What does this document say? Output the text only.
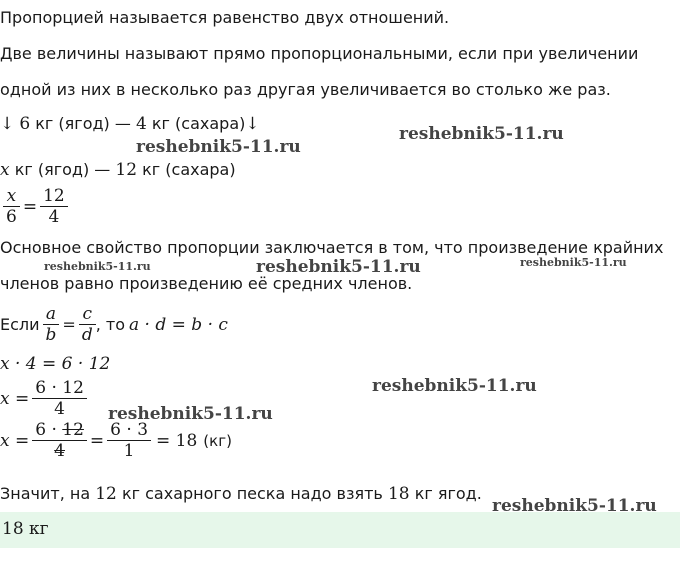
Пропорцией называется равенство двух отношений.
Две величины называют прямо пропорциональными, если при увеличении
одной из них в несколько раз другая увеличивается во столько же раз.
↓ 6 кг (ягод) — 4 кг (сахара)↓
x кг (ягод) — 12 кг (сахара)
$\frac{x}{6} = \frac{12}{4}$
Основное свойство пропорции заключается в том, что произведение крайних
членов равно произведению её средних членов.
Если $\frac{a}{b} = \frac{c}{d}$ , то a · d = b · c
x · 4 = 6 · 12
$x = \frac{6 \cdot 12}{4}$
$x = \frac{6 \cdot 12}{4} = \frac{6 \cdot 3}{1} = 18$ (кг)
Значит, на 12 кг сахарного песка надо взять 18 кг ягод.
18 кг
reshebnik5-11.ru
reshebnik5-11.ru
reshebnik5-11.ru	reshebnik5-11.ru	reshebnik5-11.ru
reshebnik5-11.ru
reshebnik5-11.ru
reshebnik5-11.ru
